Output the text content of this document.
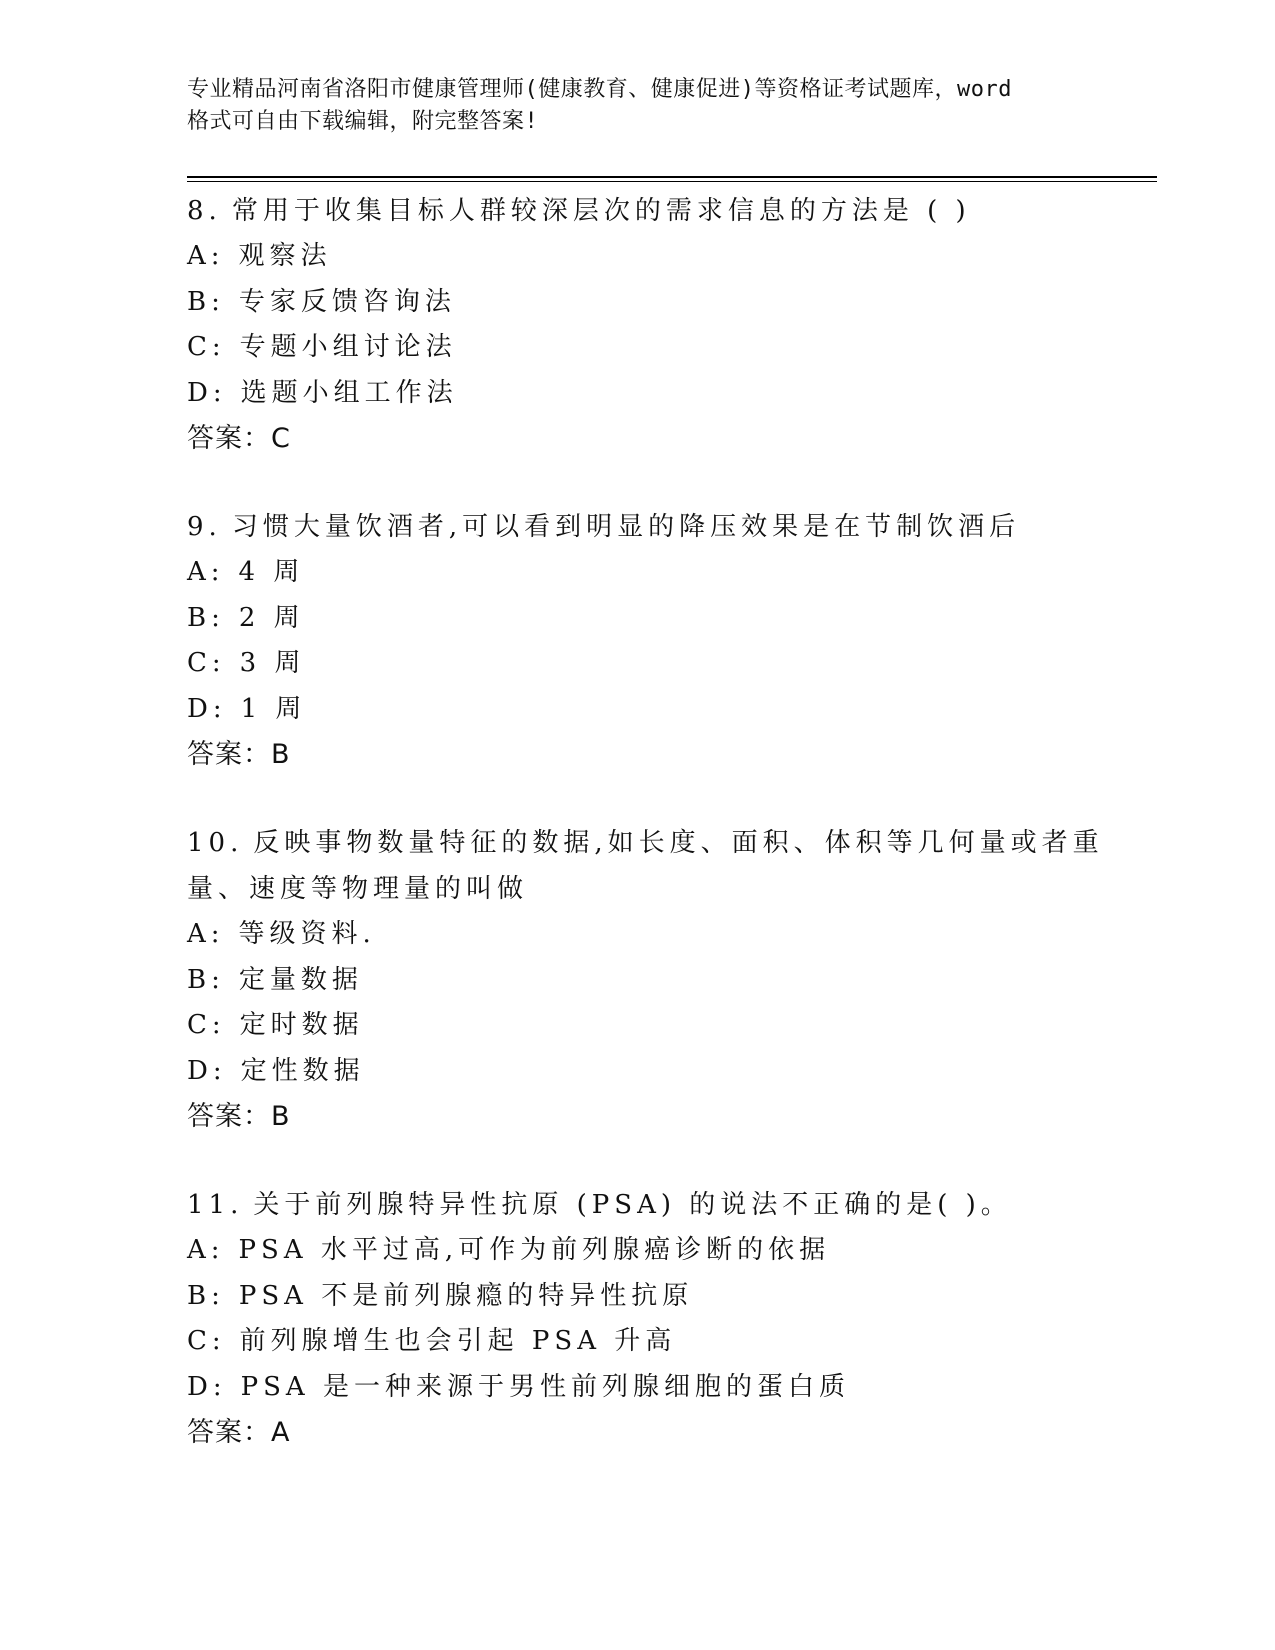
专业精品河南省洛阳市健康管理师(健康教育、健康促进)等资格证考试题库，word
格式可自由下载编辑，附完整答案!
8. 常用于收集目标人群较深层次的需求信息的方法是 ( )
A: 观察法
B: 专家反馈咨询法
C: 专题小组讨论法
D: 选题小组工作法
答案：C
9. 习惯大量饮酒者,可以看到明显的降压效果是在节制饮酒后
A: 4 周
B: 2 周
C: 3 周
D: 1 周
答案：B
10. 反映事物数量特征的数据,如长度、面积、体积等几何量或者重量、速度等物理量的叫做
A: 等级资料.
B: 定量数据
C: 定时数据
D: 定性数据
答案：B
11. 关于前列腺特异性抗原 (PSA) 的说法不正确的是( )。
A: PSA 水平过高,可作为前列腺癌诊断的依据
B: PSA 不是前列腺瘾的特异性抗原
C: 前列腺增生也会引起 PSA 升高
D: PSA 是一种来源于男性前列腺细胞的蛋白质
答案：A
